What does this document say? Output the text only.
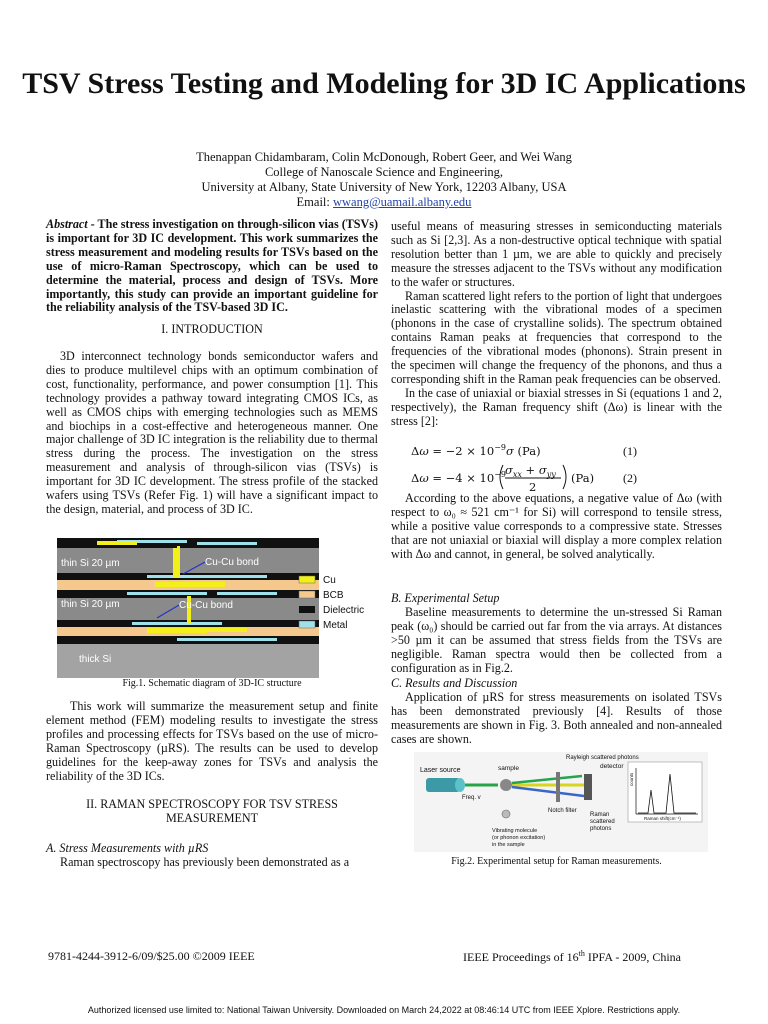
TSV Stress Testing and Modeling for 3D IC Applications
Thenappan Chidambaram, Colin McDonough, Robert Geer, and Wei Wang
College of Nanoscale Science and Engineering,
University at Albany, State University of New York, 12203 Albany, USA
Email: wwang@uamail.albany.edu

Abstract - The stress investigation on through-silicon vias (TSVs) is important for 3D IC development. This work summarizes the stress measurement and modeling results for TSVs based on the use of micro-Raman Spectroscopy, which can be used to determine the material, process and design of TSVs. More importantly, this study can provide an important guideline for the reliability analysis of the TSV-based 3D IC.

I. INTRODUCTION

3D interconnect technology bonds semiconductor wafers and dies to produce multilevel chips with an optimum combination of cost, functionality, performance, and power consumption [1]. This technology provides a pathway toward integrating CMOS ICs, as well as CMOS chips with emerging technologies such as MEMS and biochips in a cost-effective and heterogeneous manner. One major challenge of 3D IC integration is the reliability due to thermal stress during the process. The investigation on the stress measurement and analysis of through-silicon vias (TSVs) is important for 3D IC development. The stress profile of the stacked wafers using TSVs (Refer Fig. 1) will have a significant impact to the design, material, and process of 3D IC.

thin Si 20 µm
thin Si 20 µm
thick Si
Cu-Cu bond
Cu-Cu bond
Cu
BCB
Dielectric
Metal
Fig.1. Schematic diagram of 3D-IC structure

This work will summarize the measurement setup and finite element method (FEM) modeling results to investigate the stress profiles and processing effects for TSVs based on the use of micro-Raman Spectroscopy (µRS). The results can be used to develop guidelines for the keep-away zones for TSVs and analysis the reliability of the 3D ICs.

II. RAMAN SPECTROSCOPY FOR TSV STRESS
MEASUREMENT
A. Stress Measurements with µRS

Raman spectroscopy has previously been demonstrated as a

useful means of measuring stresses in semiconducting materials such as Si [2,3]. As a non-destructive optical technique with spatial resolution better than 1 µm, we are able to quickly and precisely measure the stresses adjacent to the TSVs without any modification to the wafer or structures.

Raman scattered light refers to the portion of light that undergoes inelastic scattering with the vibrational modes of a specimen (phonons in the case of crystalline solids). The spectrum obtained contains Raman peaks at frequencies that correspond to the frequencies of the vibrational modes (phonons). Strain present in the specimen will change the frequency of the phonons, and thus a corresponding shift in the Raman peak frequencies can be observed.

In the case of uniaxial or biaxial stresses in Si (equations 1 and 2, respectively), the Raman frequency shift (Δω) is linear with the stress [2]:

$\Delta\omega = -2 \times 10^{-9}\sigma$ (Pa)
$\Delta\omega = -4 \times 10^{-9}$ $\sigma_{xx} + \sigma_{yy}$
2
(Pa)
(1)
(2)

According to the above equations, a negative value of Δω (with respect to ω₀ ≈ 521 cm⁻¹ for Si) will correspond to tensile stress, while a positive value corresponds to a compressive state. Stresses that are not uniaxial or biaxial will display a more complex relation with Δω and cannot, in general, be solved analytically.

B. Experimental Setup

Baseline measurements to determine the un-stressed Si Raman peak (ω₀) should be carried out far from the via arrays. At distances >50 µm it can be assumed that stress fields from the TSVs are negligible. Raman spectra would then be collected from a configuration as in Fig.2.

C. Results and Discussion

Application of µRS for stress measurements on isolated TSVs has been demonstrated previously [4]. Results of those measurements are shown in Fig. 3. Both annealed and non-annealed cases are shown.

Laser source
Freq. v
sample
Notch filter
Rayleigh scattered photons
detector
Raman
scattered
photons
Vibrating molecule
(or phonon excitation)
in the sample
Raman shift(cm⁻¹)
counts
Fig.2. Experimental setup for Raman measurements.
9781-4244-3912-6/09/$25.00 ©2009 IEEE	IEEE Proceedings of 16th IPFA - 2009, China
Authorized licensed use limited to: National Taiwan University. Downloaded on March 24,2022 at 08:46:14 UTC from IEEE Xplore. Restrictions apply.
